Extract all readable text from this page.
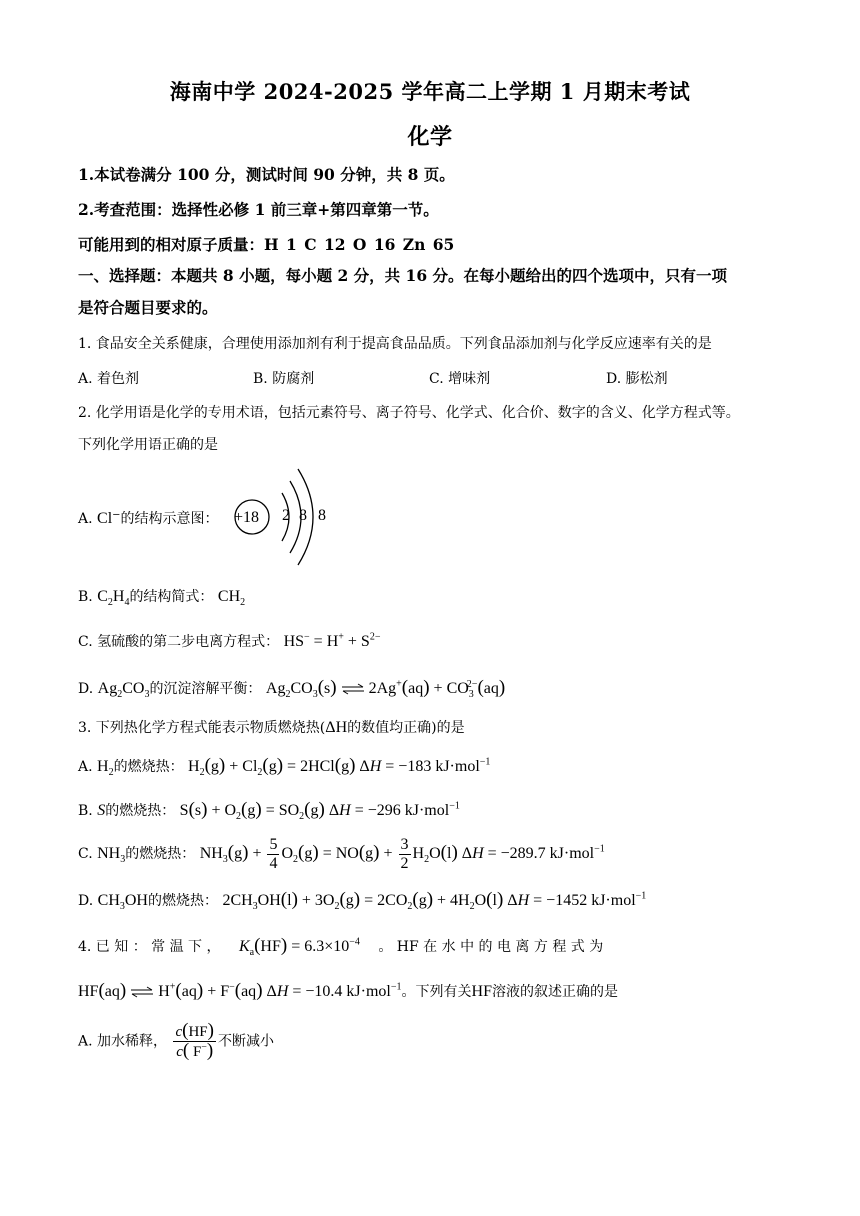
海南中学 2024-2025 学年高二上学期 1 月期末考试
化学
1.本试卷满分 100 分，测试时间 90 分钟，共 8 页。
2.考查范围：选择性必修 1 前三章+第四章第一节。
可能用到的相对原子质量：H 1 C 12 O 16 Zn 65
一、选择题：本题共 8 小题，每小题 2 分，共 16 分。在每小题给出的四个选项中，只有一项
是符合题目要求的。
1. 食品安全关系健康，合理使用添加剂有利于提高食品品质。下列食品添加剂与化学反应速率有关的是
A. 着色剂	B. 防腐剂	C. 增味剂	D. 膨松剂
2. 化学用语是化学的专用术语，包括元素符号、离子符号、化学式、化合价、数字的含义、化学方程式等。
下列化学用语正确的是
A. Cl−的结构示意图： +18 2 8 8
B. $C_2H_4$的结构简式： $CH_2$
C. 氢硫酸的第二步电离方程式： $HS^- = H^+ + S^{2-}$
D. $Ag_2CO_3$的沉淀溶解平衡： $Ag_2CO_3(s)$ ⇌ $2Ag^+(aq) + CO_3^{2-}(aq)$
3. 下列热化学方程式能表示物质燃烧热(ΔH的数值均正确)的是
A. $H_2$的燃烧热： $H_2(g) + Cl_2(g) = 2HCl(g) \Delta H = -183$ kJ·mol$^{-1}$
B. S的燃烧热： $S(s) + O_2(g) = SO_2(g) \Delta H = -296$ kJ·mol$^{-1}$
C. $NH_3$的燃烧热： $NH_3(g) + \frac{5}{4} O_2(g) = NO(g) + \frac{3}{2} H_2O(l) \Delta H = -289.7$ kJ·mol$^{-1}$
D. $CH_3OH$的燃烧热： $2CH_3OH(l) + 3O_2(g) = 2CO_2(g) + 4H_2O(l) \Delta H = -1452$ kJ·mol$^{-1}$
4. 已 知 ： 常 温 下 ， $K_a(HF) = 6.3\times 10^{-4}$ 。 HF 在 水 中 的 电 离 方 程 式 为
HF(aq) ⇌ H+(aq) + F−(aq) ΔH = −10.4 kJ·mol$^{-1}$。下列有关HF溶液的叙述正确的是
A. 加水稀释， $\frac{c(HF)}{c( F^-)}$ 不断减小
